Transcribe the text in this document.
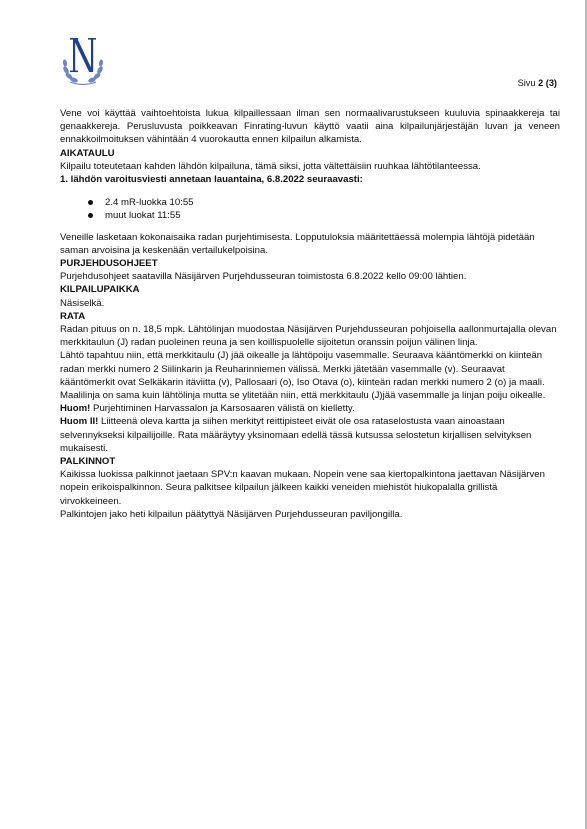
Sivu 2 (3)

Vene voi käyttää vaihtoehtoista lukua kilpaillessaan ilman sen normaalivarustukseen kuuluvia spinaakkereja tai genaakkereja. Perusluvusta poikkeavan Finrating-luvun käyttö vaatii aina kilpailunjärjestäjän luvan ja veneen ennakkoilmoituksen vähintään 4 vuorokautta ennen kilpailun alkamista.

AIKATAULU

Kilpailu toteutetaan kahden lähdön kilpailuna, tämä siksi, jotta vältettäisiin ruuhkaa lähtötilanteessa.

1. lähdön varoitusviesti annetaan lauantaina, 6.8.2022 seuraavasti:

2.4 mR-luokka 10:55
muut luokat 11:55

Veneille lasketaan kokonaisaika radan purjehtimisesta. Lopputuloksia määritettäessä molempia lähtöjä pidetään saman arvoisina ja keskenään vertailukelpoisina.

PURJEHDUSOHJEET

Purjehdusohjeet saatavilla Näsijärven Purjehdusseuran toimistosta 6.8.2022 kello 09:00 lähtien.

KILPAILUPAIKKA

Näsiselkä.

RATA

Radan pituus on n. 18,5 mpk. Lähtölinjan muodostaa Näsijärven Purjehdusseuran pohjoisella aallonmurtajalla olevan merkkitaulun (J) radan puoleinen reuna ja sen koillispuolelle sijoitetun oranssin poijun välinen linja.

Lähtö tapahtuu niin, että merkkitaulu (J) jää oikealle ja lähtöpoiju vasemmalle. Seuraava kääntömerkki on kiinteän radan merkki numero 2 Siilinkarin ja Reuharinniemen välissä. Merkki jätetään vasemmalle (v). Seuraavat kääntömerkit ovat Selkäkarin itäviitta (v), Pallosaari (o), Iso Otava (o), kiinteän radan merkki numero 2 (o) ja maali. Maalilinja on sama kuin lähtölinja mutta se ylitetään niin, että merkkitaulu (J)jää vasemmalle ja linjan poiju oikealle.

Huom! Purjehtiminen Harvassalon ja Karsosaaren välistä on kielletty.

Huom II! Liitteenä oleva kartta ja siihen merkityt reittipisteet eivät ole osa rataselostusta vaan ainoastaan selvennykseksi kilpailijoille. Rata määräytyy yksinomaan edellä tässä kutsussa selostetun kirjallisen selvityksen mukaisesti.

PALKINNOT

Kaikissa luokissa palkinnot jaetaan SPV:n kaavan mukaan. Nopein vene saa kiertopalkintona jaettavan Näsijärven nopein erikoispalkinnon. Seura palkitsee kilpailun jälkeen kaikki veneiden miehistöt hiukopalalla grillistä virvokkeineen.

Palkintojen jako heti kilpailun päätyttyä Näsijärven Purjehdusseuran paviljongilla.
